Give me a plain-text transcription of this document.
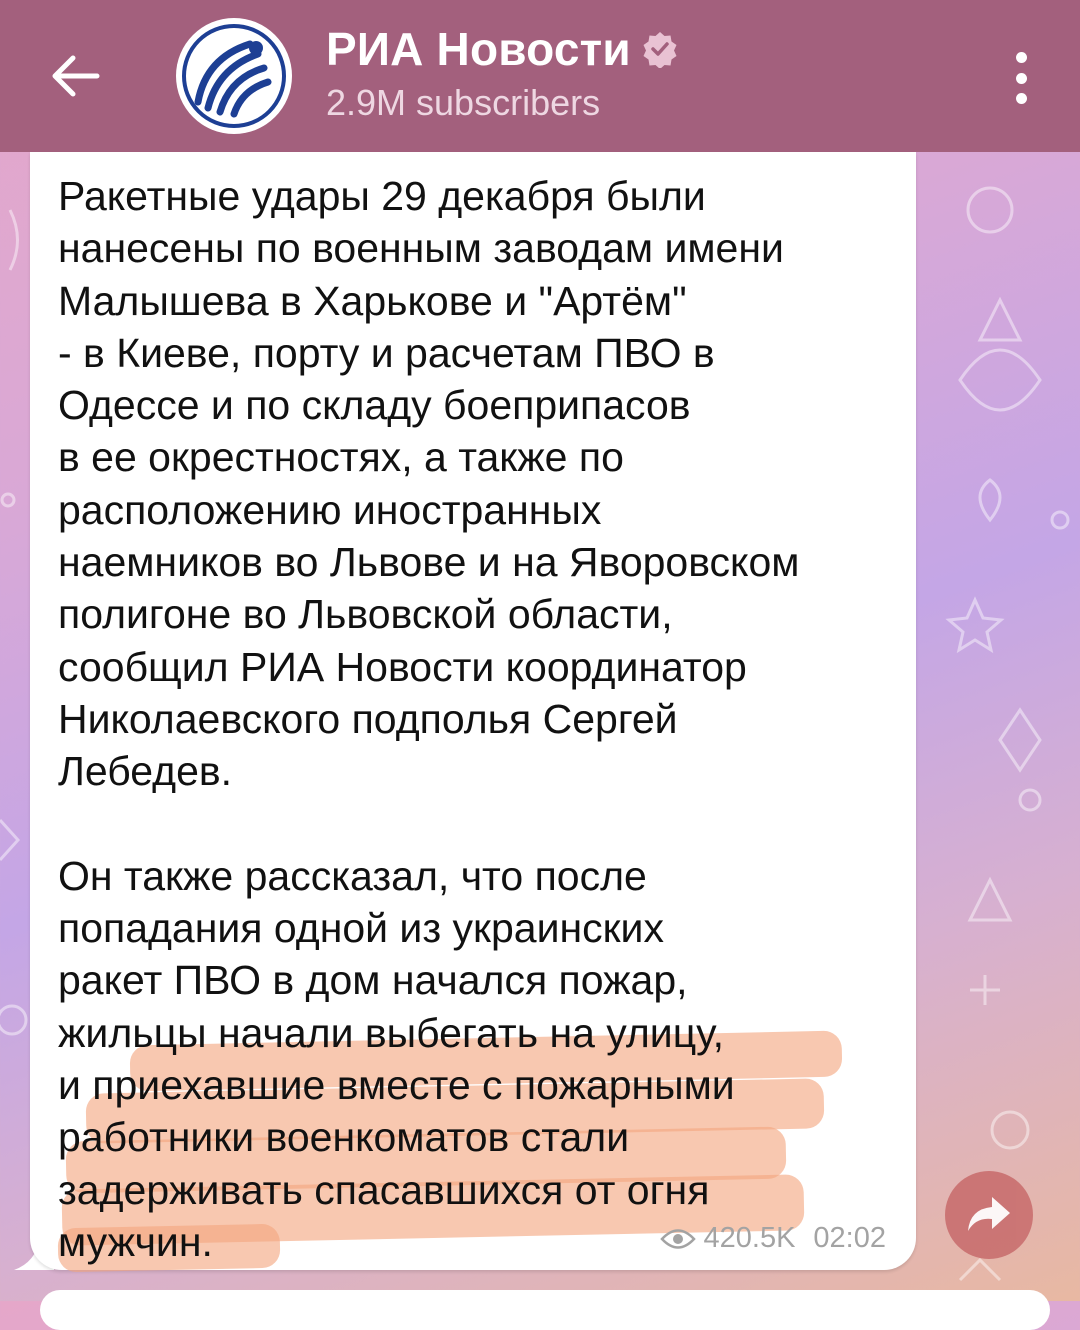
РИА Новости
2.9M subscribers
Ракетные удары 29 декабря были
нанесены по военным заводам имени
Малышева в Харькове и "Артём"
- в Киеве, порту и расчетам ПВО в
Одессе и по складу боеприпасов
в ее окрестностях, а также по
расположению иностранных
наемников во Львове и на Яворовском
полигоне во Львовской области,
сообщил РИА Новости координатор
Николаевского подполья Сергей
Лебедев.

Он также рассказал, что после
попадания одной из украинских
ракет ПВО в дом начался пожар,
жильцы начали выбегать на улицу,
и приехавшие вместе с пожарными
работники военкоматов стали
задерживать спасавшихся от огня
мужчин.	420.5K 02:02
